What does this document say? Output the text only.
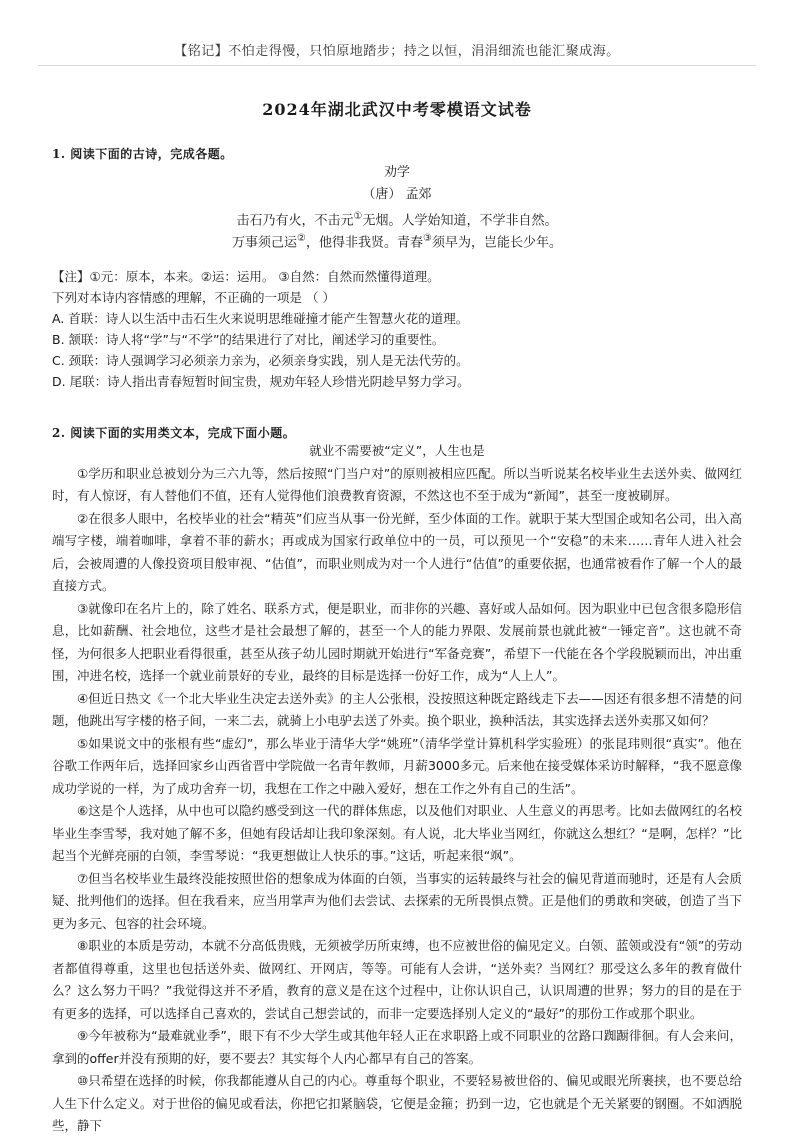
【铭记】不怕走得慢，只怕原地踏步；持之以恒，涓涓细流也能汇聚成海。
2024年湖北武汉中考零模语文试卷
1. 阅读下面的古诗，完成各题。
劝学
（唐） 孟郊
击石乃有火，不击元①无烟。人学始知道，不学非自然。
万事须己运②，他得非我贤。青春③须早为，岂能长少年。
【注】①元：原本，本来。②运：运用。 ③自然：自然而然懂得道理。
下列对本诗内容情感的理解，不正确的一项是 （ ）
A. 首联：诗人以生活中击石生火来说明思维碰撞才能产生智慧火花的道理。
B. 颔联：诗人将“学”与“不学”的结果进行了对比，阐述学习的重要性。
C. 颈联：诗人强调学习必须亲力亲为，必须亲身实践，别人是无法代劳的。
D. 尾联：诗人指出青春短暂时间宝贵，规劝年轻人珍惜光阴趁早努力学习。
2. 阅读下面的实用类文本，完成下面小题。

就业不需要被“定义”，人生也是

①学历和职业总被划分为三六九等，然后按照“门当户对”的原则被相应匹配。所以当听说某名校毕业生去送外卖、做网红时，有人惊讶，有人替他们不值，还有人觉得他们浪费教育资源，不然这也不至于成为“新闻”，甚至一度被刷屏。

②在很多人眼中，名校毕业的社会“精英”们应当从事一份光鲜，至少体面的工作。就职于某大型国企或知名公司，出入高端写字楼，端着咖啡，拿着不菲的薪水；再或成为国家行政单位中的一员，可以预见一个“安稳”的未来……青年人进入社会后，会被周遭的人像投资项目般审视、“估值”，而职业则成为对一个人进行“估值”的重要依据，也通常被看作了解一个人的最直接方式。

③就像印在名片上的，除了姓名、联系方式，便是职业，而非你的兴趣、喜好或人品如何。因为职业中已包含很多隐形信息，比如薪酬、社会地位，这些才是社会最想了解的，甚至一个人的能力界限、发展前景也就此被“一锤定音”。这也就不奇怪，为何很多人把职业看得很重，甚至从孩子幼儿园时期就开始进行“军备竞赛”，希望下一代能在各个学段脱颖而出，冲出重围，冲进名校，选择一个就业前景好的专业，最终的目标是选择一份好工作，成为“人上人”。

④但近日热文《一个北大毕业生决定去送外卖》的主人公张根，没按照这种既定路线走下去——因还有很多想不清楚的问题，他跳出写字楼的格子间，一来二去，就骑上小电驴去送了外卖。换个职业，换种活法，其实选择去送外卖那又如何？

⑤如果说文中的张根有些“虚幻”，那么毕业于清华大学“姚班”（清华学堂计算机科学实验班）的张昆玮则很“真实”。他在谷歌工作两年后，选择回家乡山西省晋中学院做一名青年教师，月薪3000多元。后来他在接受媒体采访时解释，“我不愿意像成功学说的一样，为了成功舍弃一切，我想在工作之中融入爱好，想在工作之外有自己的生活”。

⑥这是个人选择，从中也可以隐约感受到这一代的群体焦虑，以及他们对职业、人生意义的再思考。比如去做网红的名校毕业生李雪琴，我对她了解不多，但她有段话却让我印象深刻。有人说，北大毕业当网红，你就这么想红？“是啊，怎样？”比起当个光鲜亮丽的白领，李雪琴说：“我更想做让人快乐的事。”这话，听起来很“飒”。

⑦但当名校毕业生最终没能按照世俗的想象成为体面的白领，当事实的运转最终与社会的偏见背道而驰时，还是有人会质疑、批判他们的选择。但在我看来，应当用掌声为他们去尝试、去探索的无所畏惧点赞。正是他们的勇敢和突破，创造了当下更为多元、包容的社会环境。

⑧职业的本质是劳动，本就不分高低贵贱，无须被学历所束缚，也不应被世俗的偏见定义。白领、蓝领或没有“领”的劳动者都值得尊重，这里也包括送外卖、做网红、开网店，等等。可能有人会讲，“送外卖？当网红？那受这么多年的教育做什么？这么努力干吗？”我觉得这并不矛盾，教育的意义是在这个过程中，让你认识自己，认识周遭的世界；努力的目的是在于有更多的选择，可以选择自己喜欢的，尝试自己想尝试的，而非一定要选择别人定义的“最好”的那份工作或那个职业。

⑨今年被称为“最难就业季”，眼下有不少大学生或其他年轻人正在求职路上或不同职业的岔路口踟蹰徘徊。有人会来问，拿到的offer并没有预期的好，要不要去？其实每个人内心都早有自己的答案。

⑩只希望在选择的时候，你我都能遵从自己的内心。尊重每个职业，不要轻易被世俗的、偏见或眼光所裹挟，也不要总给人生下什么定义。对于世俗的偏见或看法，你把它扣紧脑袋，它便是金箍；扔到一边，它也就是个无关紧要的钢圈。不如洒脱些，静下
